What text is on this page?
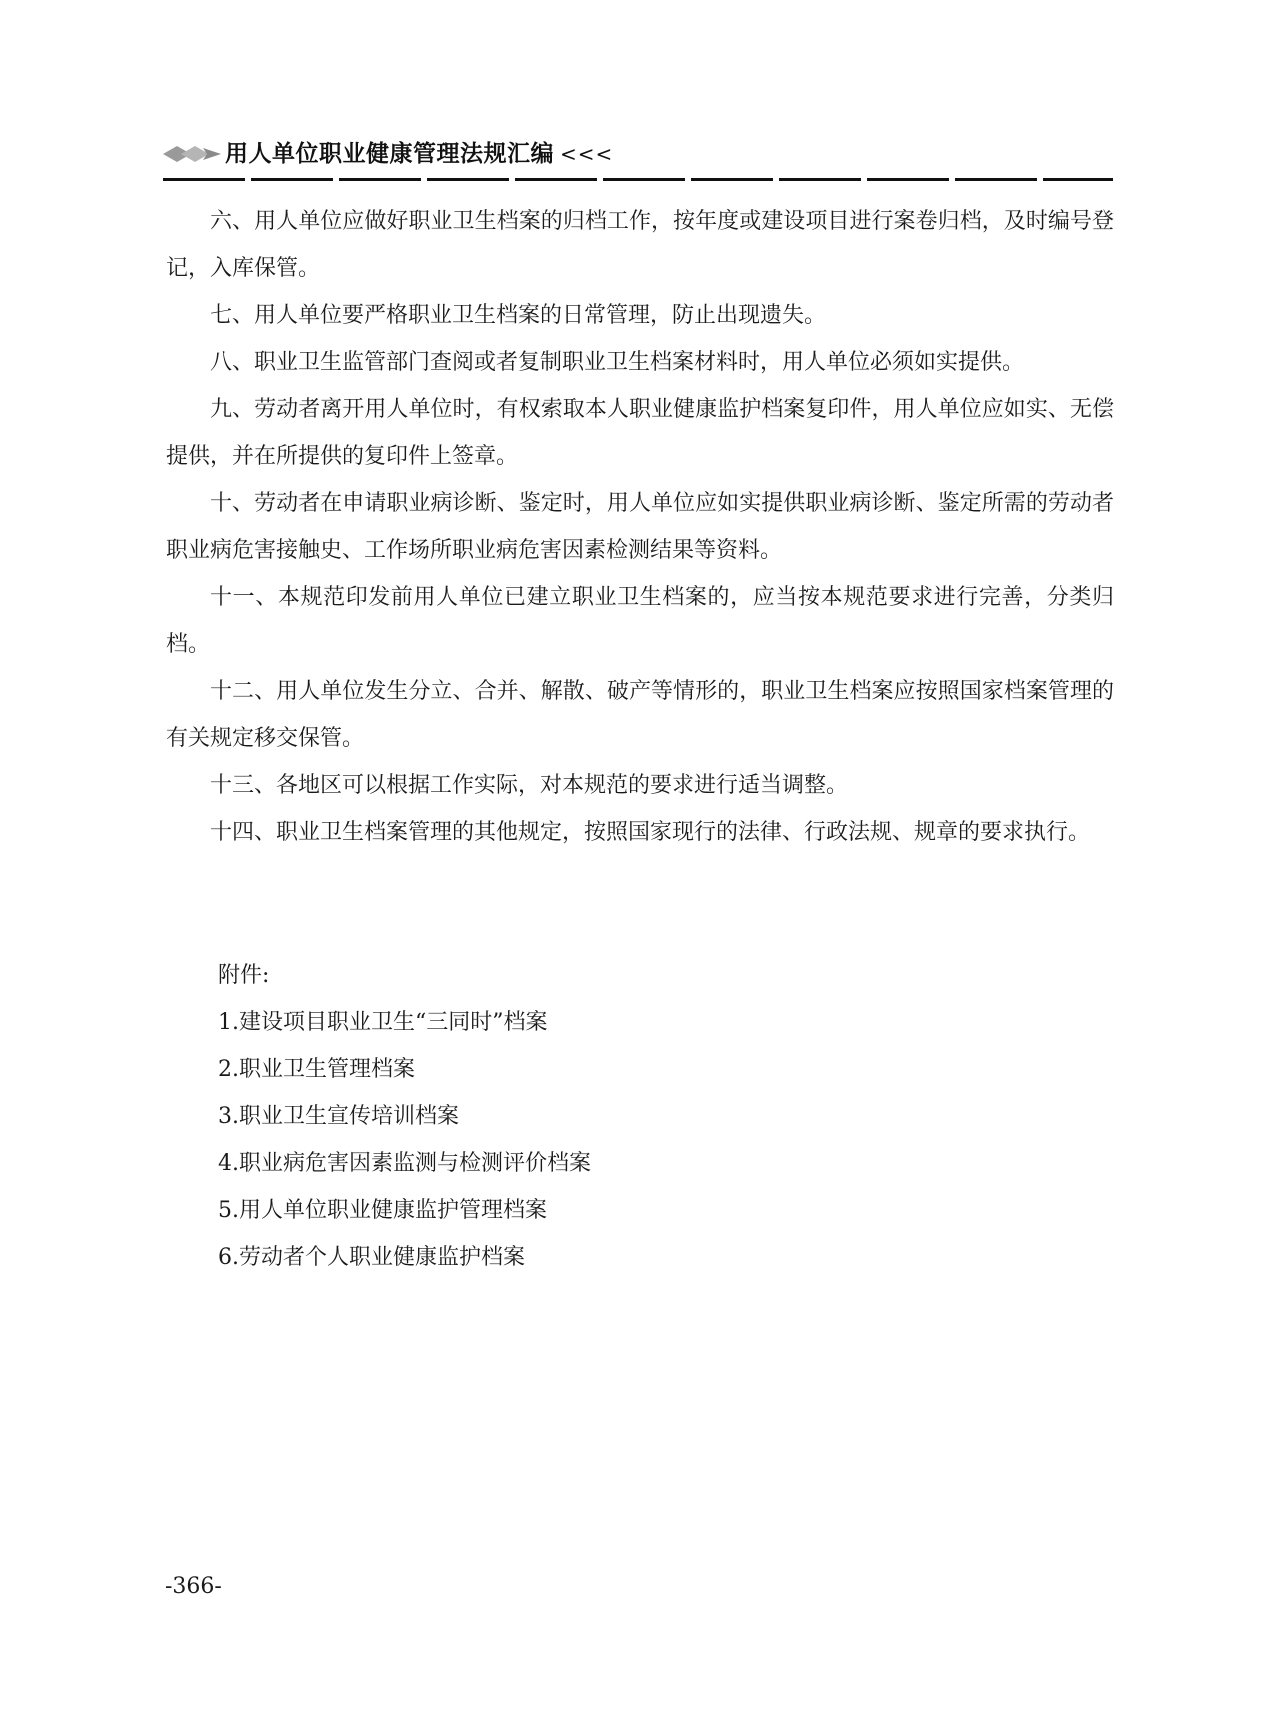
用人单位职业健康管理法规汇编 <<<

六、用人单位应做好职业卫生档案的归档工作，按年度或建设项目进行案卷归档，及时编号登记，入库保管。

七、用人单位要严格职业卫生档案的日常管理，防止出现遗失。

八、职业卫生监管部门查阅或者复制职业卫生档案材料时，用人单位必须如实提供。

九、劳动者离开用人单位时，有权索取本人职业健康监护档案复印件，用人单位应如实、无偿提供，并在所提供的复印件上签章。

十、劳动者在申请职业病诊断、鉴定时，用人单位应如实提供职业病诊断、鉴定所需的劳动者职业病危害接触史、工作场所职业病危害因素检测结果等资料。

十一、本规范印发前用人单位已建立职业卫生档案的，应当按本规范要求进行完善，分类归档。

十二、用人单位发生分立、合并、解散、破产等情形的，职业卫生档案应按照国家档案管理的有关规定移交保管。

十三、各地区可以根据工作实际，对本规范的要求进行适当调整。

十四、职业卫生档案管理的其他规定，按照国家现行的法律、行政法规、规章的要求执行。

附件:
1.建设项目职业卫生“三同时”档案
2.职业卫生管理档案
3.职业卫生宣传培训档案
4.职业病危害因素监测与检测评价档案
5.用人单位职业健康监护管理档案
6.劳动者个人职业健康监护档案
-366-
